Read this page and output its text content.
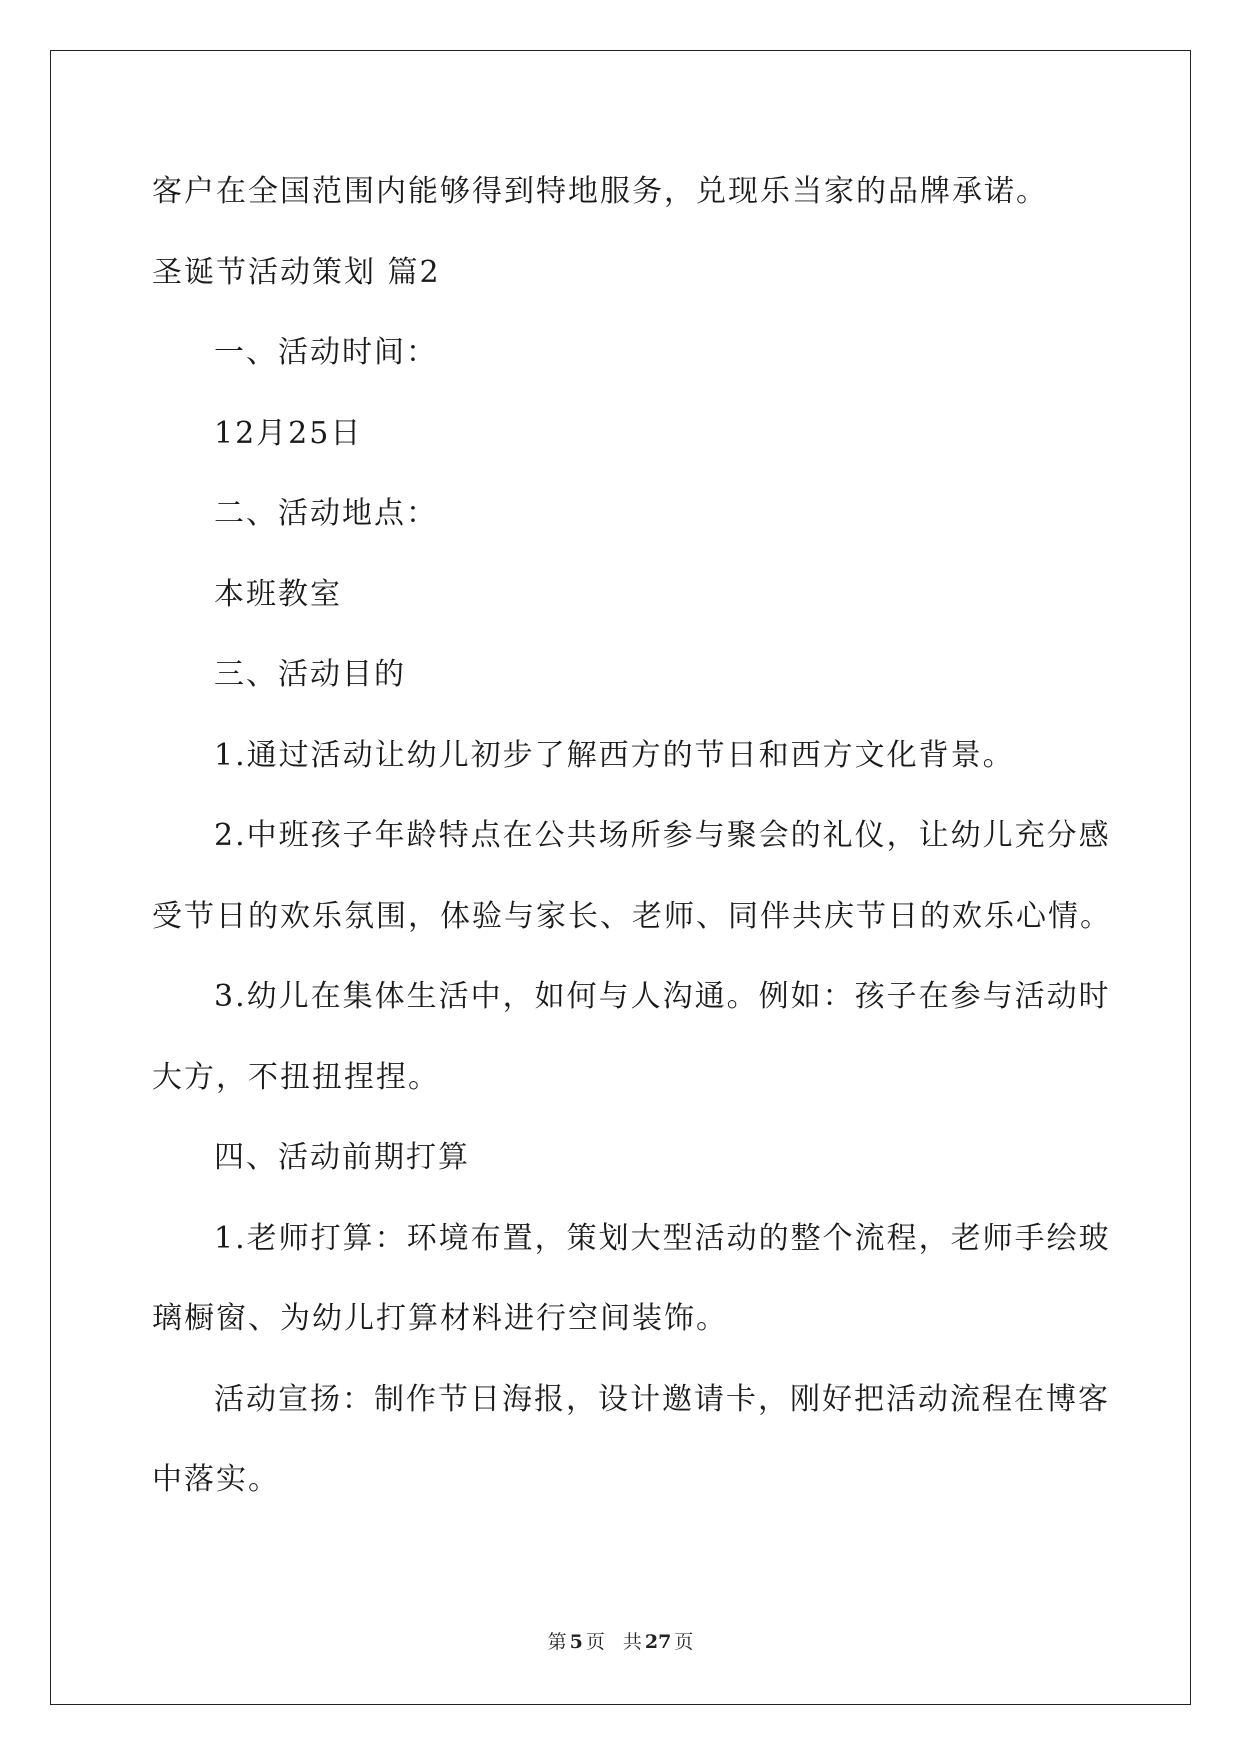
客户在全国范围内能够得到特地服务，兑现乐当家的品牌承诺。
圣诞节活动策划 篇2
一、活动时间：
12月25日
二、活动地点：
本班教室
三、活动目的
1.通过活动让幼儿初步了解西方的节日和西方文化背景。
2.中班孩子年龄特点在公共场所参与聚会的礼仪，让幼儿充分感
受节日的欢乐氛围，体验与家长、老师、同伴共庆节日的欢乐心情。
3.幼儿在集体生活中，如何与人沟通。例如：孩子在参与活动时
大方，不扭扭捏捏。
四、活动前期打算
1.老师打算：环境布置，策划大型活动的整个流程，老师手绘玻
璃橱窗、为幼儿打算材料进行空间装饰。
活动宣扬：制作节日海报，设计邀请卡，刚好把活动流程在博客
中落实。
第 5 页 共 27 页
